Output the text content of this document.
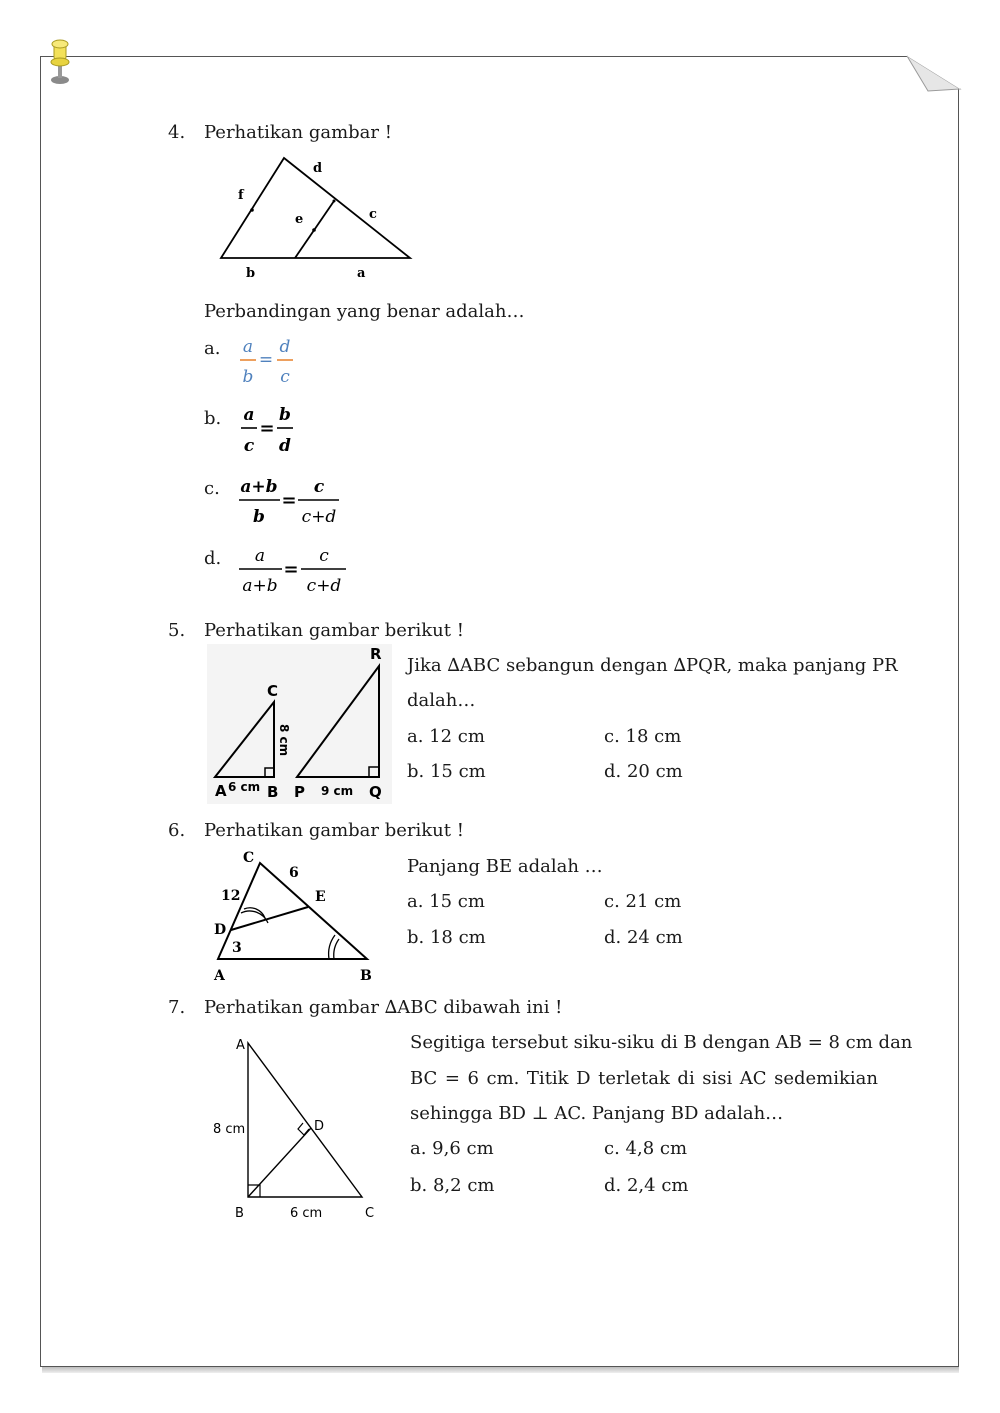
4. Perhatikan gambar !
d
f
e	c
b	a
Perbandingan yang benar adalah…
a. a
b
d
c
=
b. a
c
b
d
=
c. a+b
b
c
c+d
=
d. a
a+b
c
c+d
=
5. Perhatikan gambar berikut !
C
A	B
R
P	Q
6 cm	9 cm
8 cm
Jika ∆ABC sebangun dengan ∆PQR, maka panjang PR
dalah…
a. 12 cm	c. 18 cm
b. 15 cm	d. 20 cm
6. Perhatikan gambar berikut !
C
6
12	E
D
3
A	B
Panjang BE adalah …
a. 15 cm	c. 21 cm
b. 18 cm	d. 24 cm
7. Perhatikan gambar ∆ABC dibawah ini !
A
8 cm	D
B	6 cm	C
Segitiga tersebut siku-siku di B dengan AB = 8 cm dan
BC = 6 cm. Titik D terletak di sisi AC sedemikian
sehingga BD ⊥ AC. Panjang BD adalah…
a. 9,6 cm	c. 4,8 cm
b. 8,2 cm	d. 2,4 cm
